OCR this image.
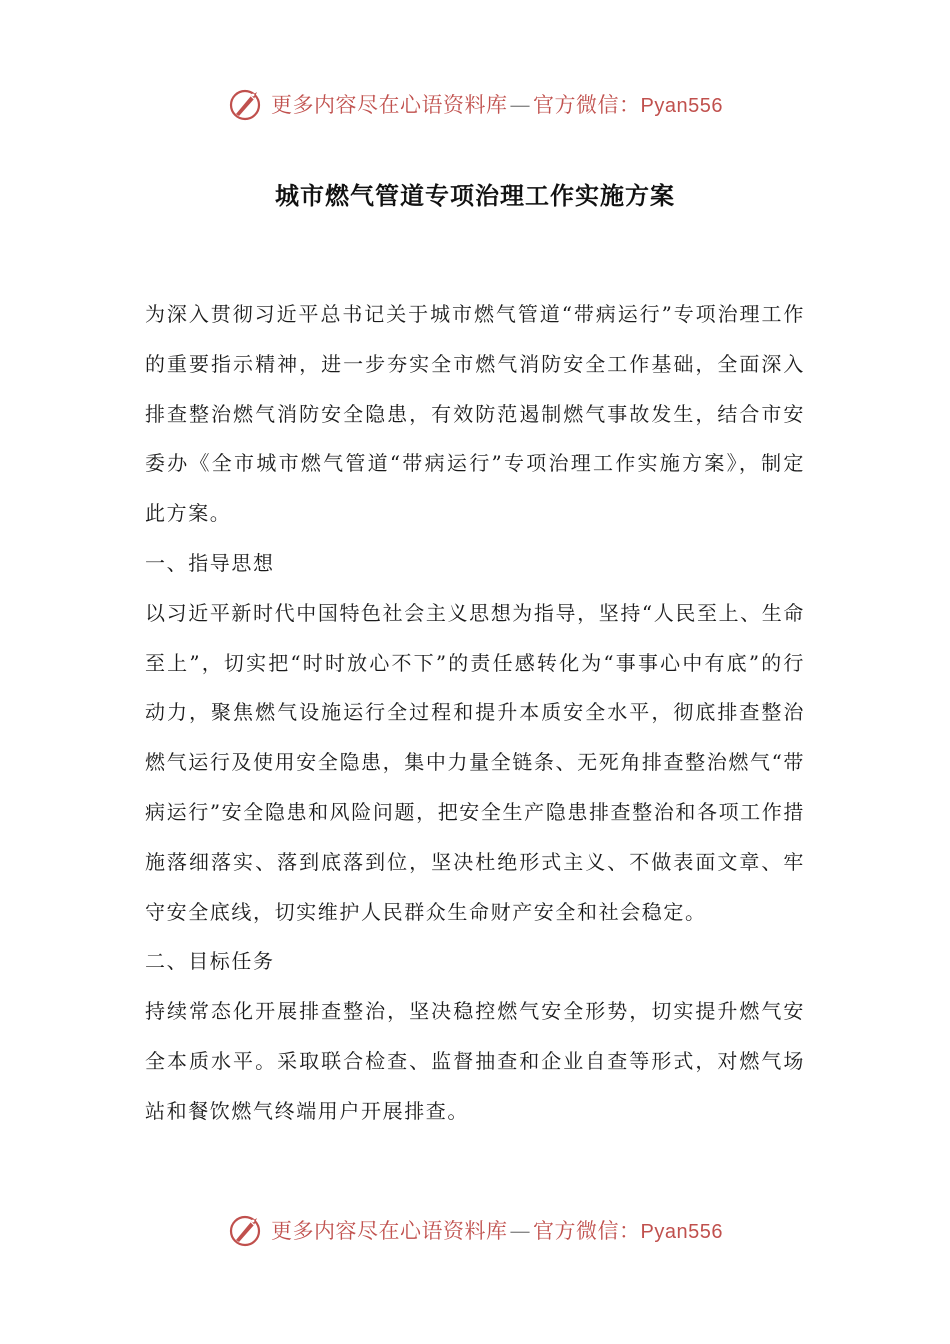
更多内容尽在心语资料库—官方微信：Pyan556
城市燃气管道专项治理工作实施方案

为深入贯彻习近平总书记关于城市燃气管道“带病运行”专项治理工作的重要指示精神，进一步夯实全市燃气消防安全工作基础，全面深入排查整治燃气消防安全隐患，有效防范遏制燃气事故发生，结合市安委办《全市城市燃气管道“带病运行”专项治理工作实施方案》，制定此方案。

一、指导思想

以习近平新时代中国特色社会主义思想为指导，坚持“人民至上、生命至上”，切实把“时时放心不下”的责任感转化为“事事心中有底”的行动力，聚焦燃气设施运行全过程和提升本质安全水平，彻底排查整治燃气运行及使用安全隐患，集中力量全链条、无死角排查整治燃气“带病运行”安全隐患和风险问题，把安全生产隐患排查整治和各项工作措施落细落实、落到底落到位，坚决杜绝形式主义、不做表面文章、牢守安全底线，切实维护人民群众生命财产安全和社会稳定。

二、目标任务

持续常态化开展排查整治，坚决稳控燃气安全形势，切实提升燃气安全本质水平。采取联合检查、监督抽查和企业自查等形式，对燃气场站和餐饮燃气终端用户开展排查。

更多内容尽在心语资料库—官方微信：Pyan556
